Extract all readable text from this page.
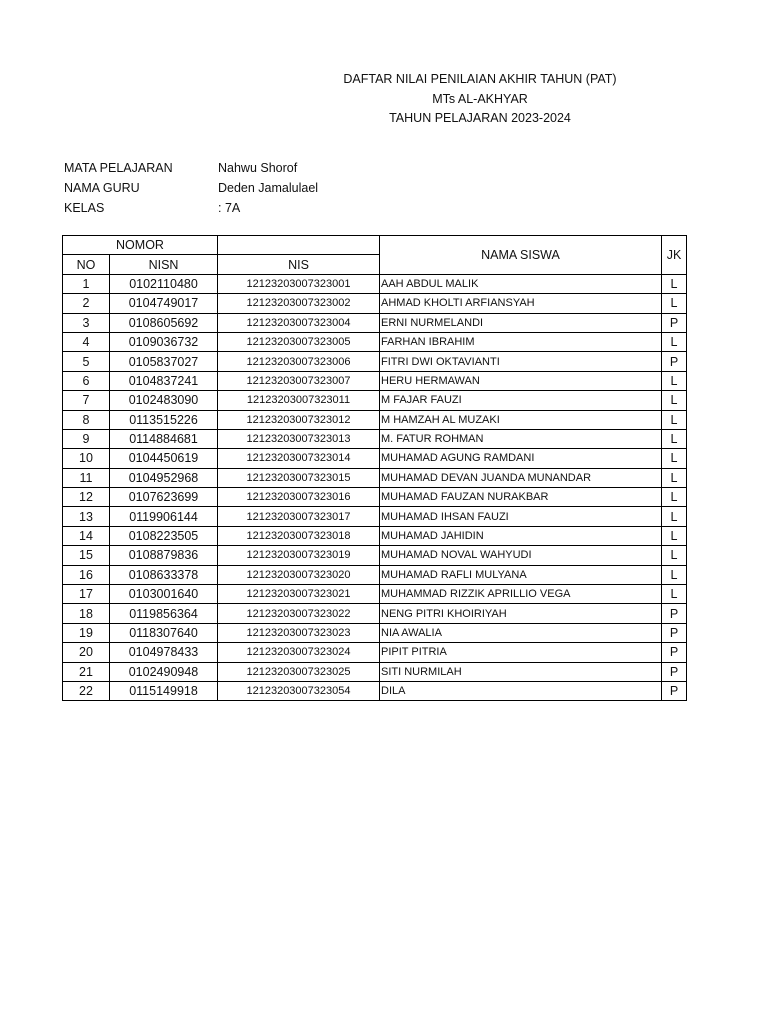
DAFTAR NILAI PENILAIAN AKHIR TAHUN (PAT)
MTs AL-AKHYAR
TAHUN PELAJARAN 2023-2024
MATA PELAJARAN	Nahwu Shorof
NAMA GURU	Deden Jamalulael
KELAS	: 7A
NOMOR			NAMA SISWA	JK
NO	NISN	NIS		
1	0102110480	12123203007323001	AAH ABDUL MALIK	L
2	0104749017	12123203007323002	AHMAD KHOLTI ARFIANSYAH	L
3	0108605692	12123203007323004	ERNI NURMELANDI	P
4	0109036732	12123203007323005	FARHAN IBRAHIM	L
5	0105837027	12123203007323006	FITRI DWI OKTAVIANTI	P
6	0104837241	12123203007323007	HERU HERMAWAN	L
7	0102483090	12123203007323011	M FAJAR FAUZI	L
8	0113515226	12123203007323012	M HAMZAH AL MUZAKI	L
9	0114884681	12123203007323013	M. FATUR ROHMAN	L
10	0104450619	12123203007323014	MUHAMAD AGUNG RAMDANI	L
11	0104952968	12123203007323015	MUHAMAD DEVAN JUANDA MUNANDAR	L
12	0107623699	12123203007323016	MUHAMAD FAUZAN NURAKBAR	L
13	0119906144	12123203007323017	MUHAMAD IHSAN FAUZI	L
14	0108223505	12123203007323018	MUHAMAD JAHIDIN	L
15	0108879836	12123203007323019	MUHAMAD NOVAL WAHYUDI	L
16	0108633378	12123203007323020	MUHAMAD RAFLI MULYANA	L
17	0103001640	12123203007323021	MUHAMMAD RIZZIK APRILLIO VEGA	L
18	0119856364	12123203007323022	NENG PITRI KHOIRIYAH	P
19	0118307640	12123203007323023	NIA AWALIA	P
20	0104978433	12123203007323024	PIPIT PITRIA	P
21	0102490948	12123203007323025	SITI NURMILAH	P
22	0115149918	12123203007323054	DILA	P
